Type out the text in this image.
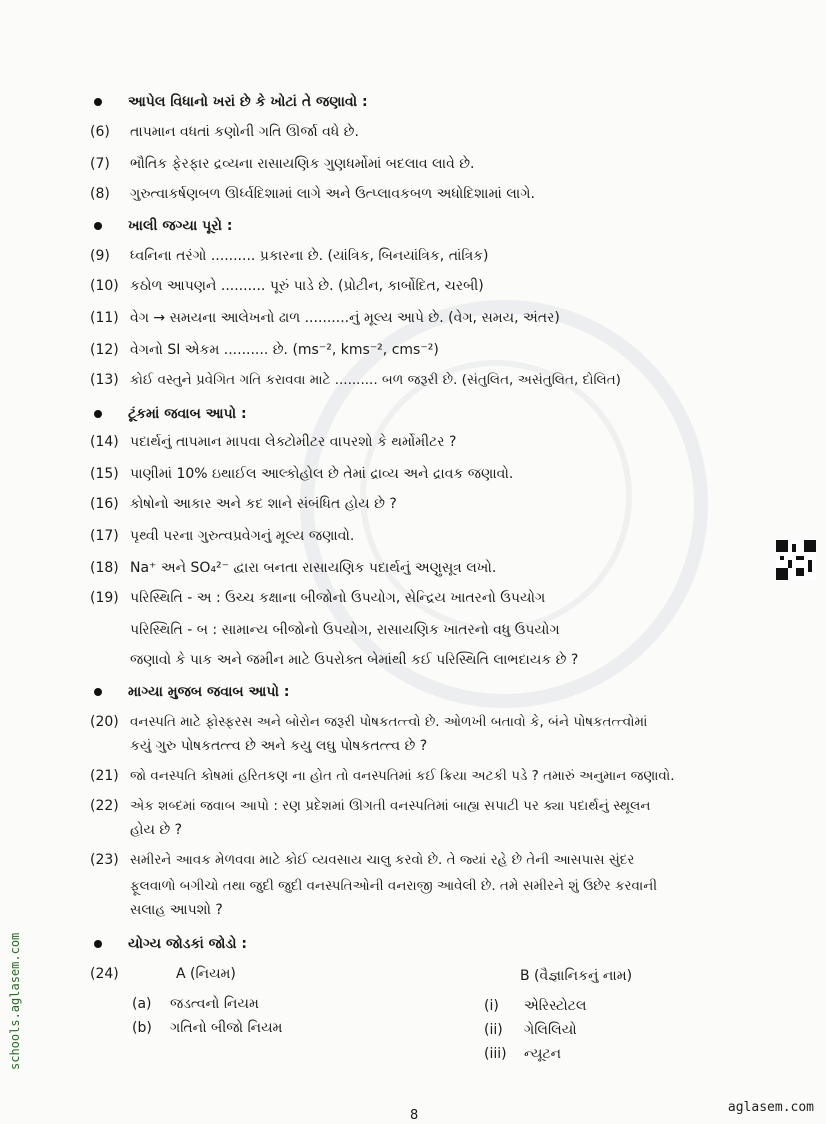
આપેલ વિધાનો ખરાં છે કે ખોટાં તે જણાવો :
(6) તાપમાન વધતાં કણોની ગતિ ઊર્જા વધે છે.
(7) ભૌતિક ફેરફાર દ્રવ્યના રાસાયણિક ગુણધર્મોમાં બદલાવ લાવે છે.
(8) ગુરુત્વાકર્ષણબળ ઊર્ધ્વદિશામાં લાગે અને ઉત્પ્લાવકબળ અધોદિશામાં લાગે.
ખાલી જગ્યા પૂરો :
(9) ધ્વનિના તરંગો .......... પ્રકારના છે. (યાંત્રિક, બિનયાંત્રિક, તાંત્રિક)
(10) કઠોળ આપણને .......... પૂરું પાડે છે. (પ્રોટીન, કાર્બોદિત, ચરબી)
(11) વેગ → સમયના આલેખનો ઢાળ ..........નું મૂલ્ય આપે છે. (વેગ, સમય, અંતર)
(12) વેગનો SI એકમ .......... છે. (ms⁻², kms⁻², cms⁻²)
(13) કોઈ વસ્તુને પ્રવેગિત ગતિ કરાવવા માટે .......... બળ જરૂરી છે. (સંતુલિત, અસંતુલિત, દોલિત)
ટૂંકમાં જવાબ આપો :
(14) પદાર્થનું તાપમાન માપવા લેક્ટોમીટર વાપરશો કે થર્મોમીટર ?
(15) પાણીમાં 10% ઇથાઈલ આલ્કોહોલ છે તેમાં દ્રાવ્ય અને દ્રાવક જણાવો.
(16) કોષોનો આકાર અને કદ શાને સંબંધિત હોય છે ?
(17) પૃથ્વી પરના ગુરુત્વપ્રવેગનું મૂલ્ય જણાવો.
(18) Na⁺ અને SO₄²⁻ દ્વારા બનતા રાસાયણિક પદાર્થનું અણુસૂત્ર લખો.
(19) પરિસ્થિતિ - અ : ઉચ્ચ કક્ષાના બીજોનો ઉપયોગ, સેન્દ્રિય ખાતરનો ઉપયોગ
પરિસ્થિતિ - બ : સામાન્ય બીજોનો ઉપયોગ, રાસાયણિક ખાતરનો વધુ ઉપયોગ
જણાવો કે પાક અને જમીન માટે ઉપરોક્ત બેમાંથી કઈ પરિસ્થિતિ લાભદાયક છે ?
માગ્યા મુજબ જવાબ આપો :
(20) વનસ્પતિ માટે ફોસ્ફરસ અને બોરોન જરૂરી પોષકતત્ત્વો છે. ઓળખી બતાવો કે, બંને પોષકતત્ત્વોમાં
કયું ગુરુ પોષકતત્ત્વ છે અને કયુ લઘુ પોષકતત્ત્વ છે ?
(21) જો વનસ્પતિ કોષમાં હરિતકણ ના હોત તો વનસ્પતિમાં કઈ ક્રિયા અટકી પડે ? તમારું અનુમાન જણાવો.
(22) એક શબ્દમાં જવાબ આપો : રણ પ્રદેશમાં ઊગતી વનસ્પતિમાં બાહ્ય સપાટી પર ક્યા પદાર્થનું સ્થૂલન
હોય છે ?
(23) સમીરને આવક મેળવવા માટે કોઈ વ્યવસાય ચાલુ કરવો છે. તે જ્યાં રહે છે તેની આસપાસ સુંદર
ફૂલવાળો બગીચો તથા જુદી જુદી વનસ્પતિઓની વનરાજી આવેલી છે. તમે સમીરને શું ઉછેર કરવાની
સલાહ આપશો ?
યોગ્ય જોડકાં જોડો :
(24)	A (નિયમ)	B (વૈજ્ઞાનિકનું નામ)
(a) જડત્વનો નિયમ
(b) ગતિનો બીજો નિયમ
(i) એરિસ્ટોટલ
(ii) ગેલિલિયો
(iii) ન્યૂટન
schools.aglasem.com
8
aglasem.com
